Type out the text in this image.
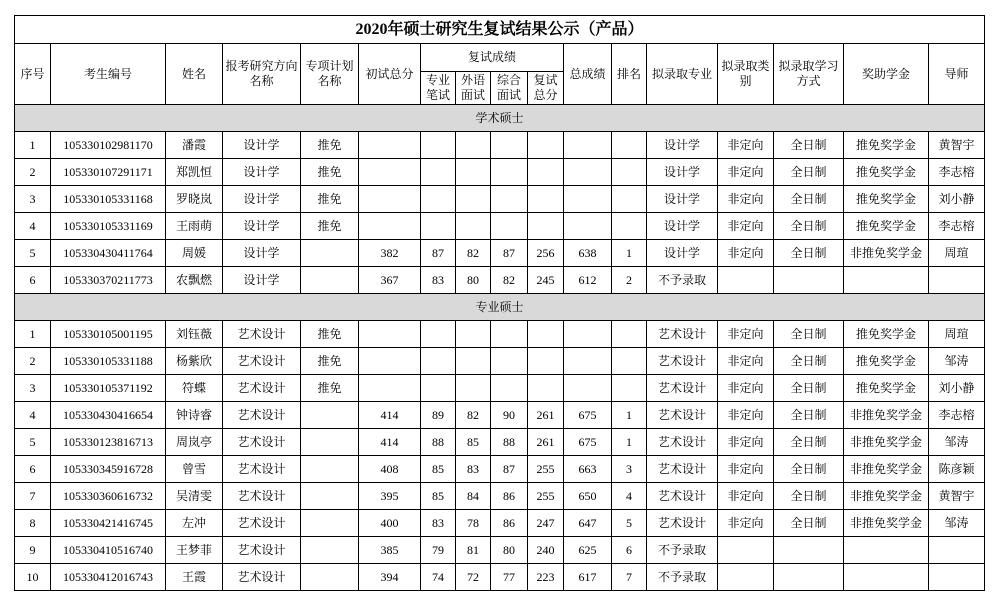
2020年硕士研究生复试结果公示（产品）																
序号	考生编号	姓名	报考研究方向名称	专项计划名称	初试总分	复试成绩				总成绩	排名	拟录取专业	拟录取类别	拟录取学习方式	奖助学金	导师
						专业笔试	外语面试	综合面试	复试总分							
学术硕士																
1	105330102981170	潘霞	设计学	推免								设计学	非定向	全日制	推免奖学金	黄智宇
2	105330107291171	郑凯恒	设计学	推免								设计学	非定向	全日制	推免奖学金	李志榕
3	105330105331168	罗晓岚	设计学	推免								设计学	非定向	全日制	推免奖学金	刘小静
4	105330105331169	王雨萌	设计学	推免								设计学	非定向	全日制	推免奖学金	李志榕
5	105330430411764	周媛	设计学		382	87	82	87	256	638	1	设计学	非定向	全日制	非推免奖学金	周瑄
6	105330370211773	农飘燃	设计学		367	83	80	82	245	612	2	不予录取				
专业硕士																
1	105330105001195	刘钰薇	艺术设计	推免								艺术设计	非定向	全日制	推免奖学金	周瑄
2	105330105331188	杨紫欣	艺术设计	推免								艺术设计	非定向	全日制	推免奖学金	邹涛
3	105330105371192	符蝶	艺术设计	推免								艺术设计	非定向	全日制	推免奖学金	刘小静
4	105330430416654	钟诗睿	艺术设计		414	89	82	90	261	675	1	艺术设计	非定向	全日制	非推免奖学金	李志榕
5	105330123816713	周岚亭	艺术设计		414	88	85	88	261	675	1	艺术设计	非定向	全日制	非推免奖学金	邹涛
6	105330345916728	曾雪	艺术设计		408	85	83	87	255	663	3	艺术设计	非定向	全日制	非推免奖学金	陈彦颖
7	105330360616732	吴清雯	艺术设计		395	85	84	86	255	650	4	艺术设计	非定向	全日制	非推免奖学金	黄智宇
8	105330421416745	左冲	艺术设计		400	83	78	86	247	647	5	艺术设计	非定向	全日制	非推免奖学金	邹涛
9	105330410516740	王梦菲	艺术设计		385	79	81	80	240	625	6	不予录取				
10	105330412016743	王霞	艺术设计		394	74	72	77	223	617	7	不予录取				
